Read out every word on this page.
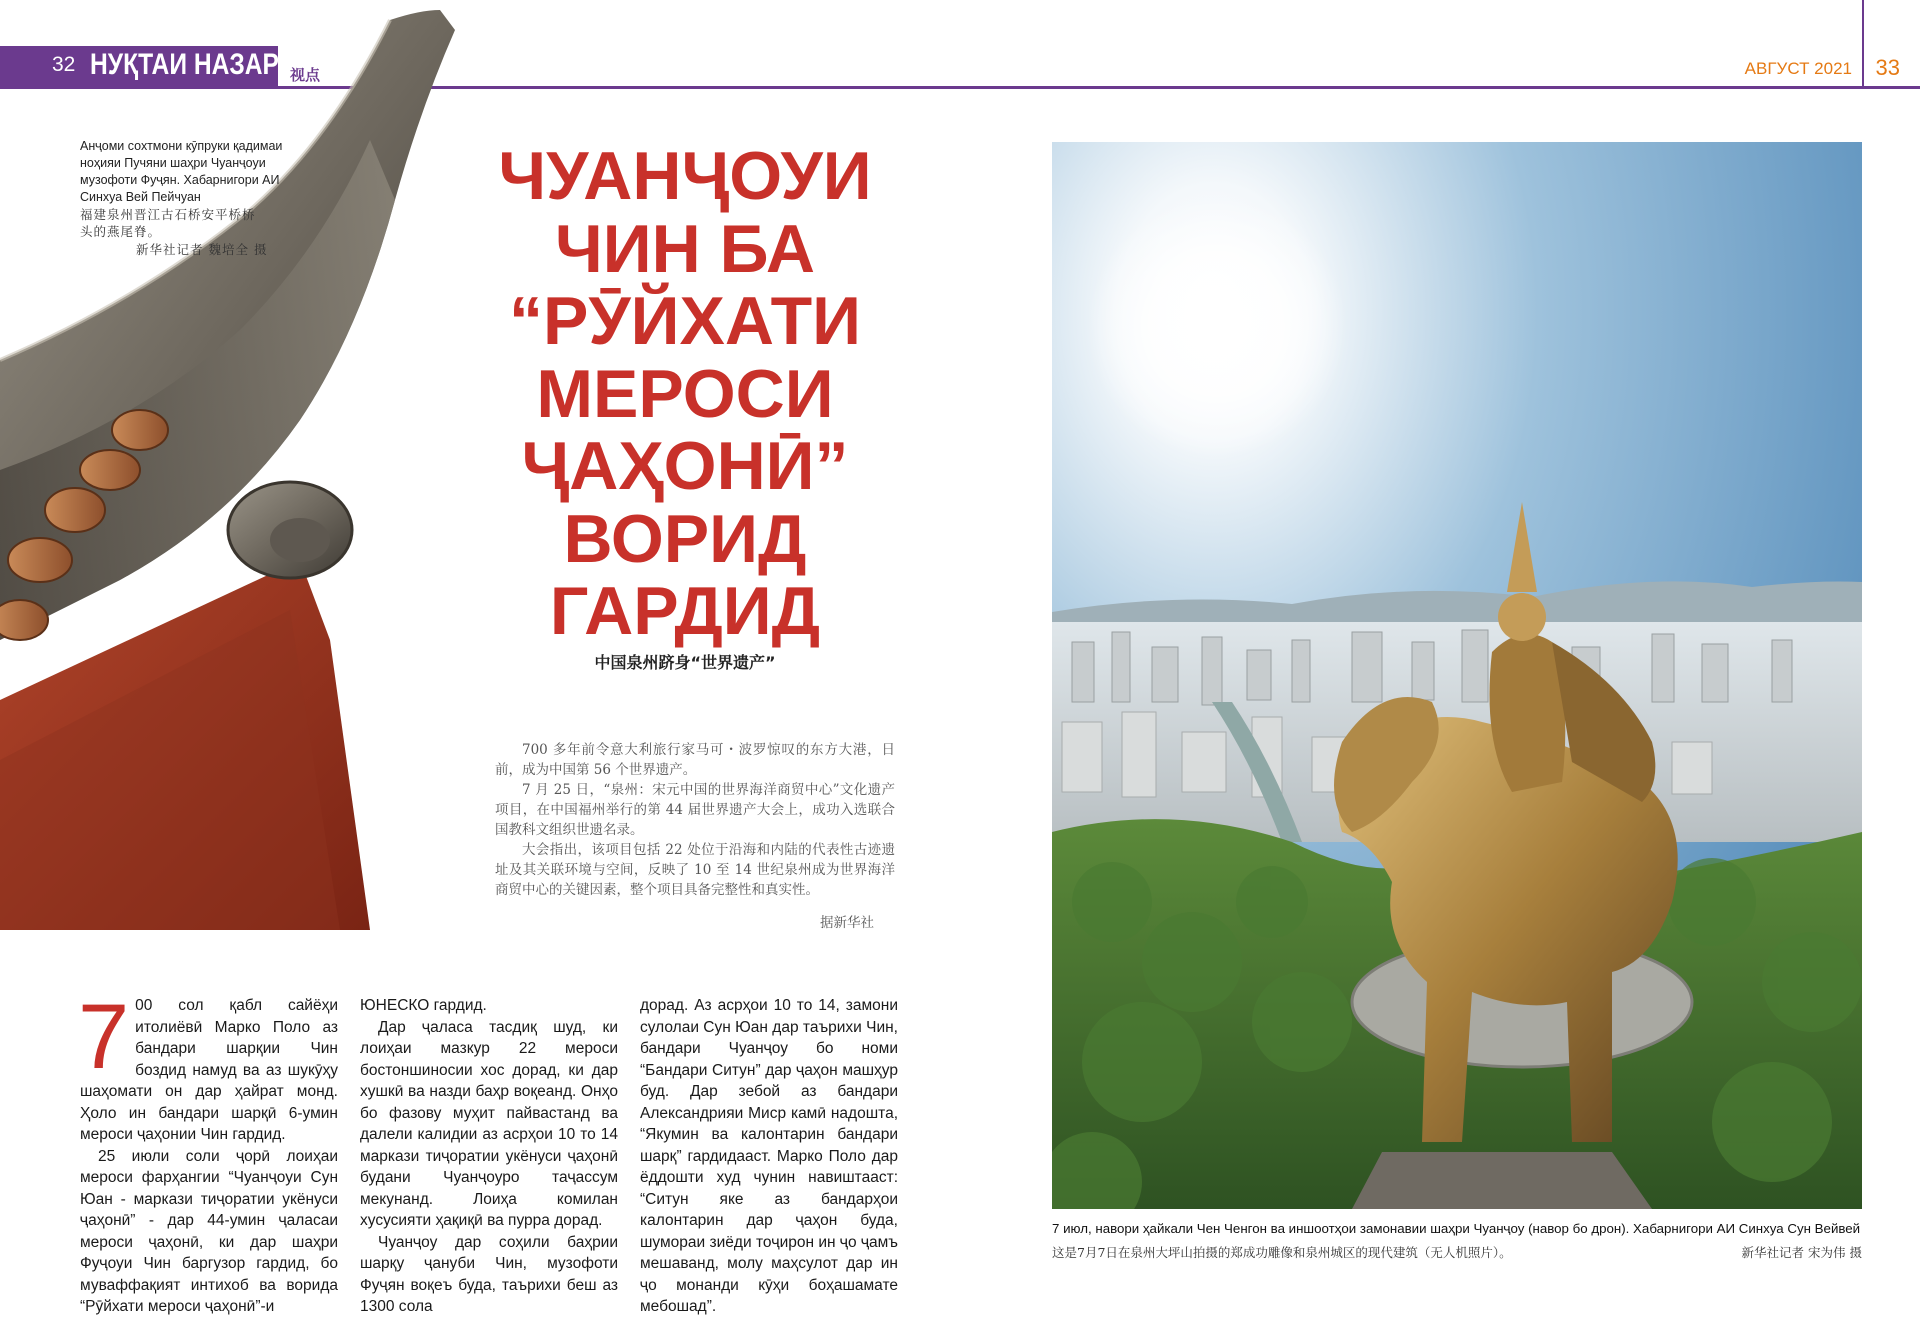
32 НУҚТАИ НАЗАР 视点	АВГУСТ 2021 33
Анҷоми сохтмони кӯпруки қадимаи
ноҳияи Пучяни шаҳри Чуанҷоуи
музофоти Фуҷян. Хабарнигори АИ
Синхуа Вей Пейчуан
福建泉州晋江古石桥安平桥桥
头的燕尾脊。
新华社记者 魏培全 摄
ЧУАНҶОУИ
ЧИН БА
“РӮЙХАТИ
МЕРОСИ
ҶАҲОНӢ”
ВОРИД
ГАРДИД
中国泉州跻身“世界遗产”

700 多年前令意大利旅行家马可・波罗惊叹的东方大港，日前，成为中国第 56 个世界遗产。

7 月 25 日，“泉州：宋元中国的世界海洋商贸中心”文化遗产项目，在中国福州举行的第 44 届世界遗产大会上，成功入选联合国教科文组织世遗名录。

大会指出，该项目包括 22 处位于沿海和内陆的代表性古迹遗址及其关联环境与空间，反映了 10 至 14 世纪泉州成为世界海洋商贸中心的关键因素，整个项目具备完整性和真实性。

据新华社

7 00 сол қабл сайёҳи итолиёвӣ Марко Поло аз бандари шарқии Чин боздид намуд ва аз шукӯҳу шаҳомати он дар ҳайрат монд. Ҳоло ин бандари шарқӣ 6-умин мероси ҷаҳонии Чин гардид.

25 июли соли ҷорӣ лоиҳаи мероси фарҳангии “Чуанҷоуи Сун Юан - маркази тиҷоратии укёнуси ҷаҳонӣ” - дар 44-умин ҷаласаи мероси ҷаҳонӣ, ки дар шаҳри Фуҷоуи Чин баргузор гардид, бо муваффақият интихоб ва ворида “Рӯйхати мероси ҷаҳонӣ”-и

ЮНЕСКО гардид.

Дар ҷаласа тасдиқ шуд, ки лоиҳаи мазкур 22 мероси бостоншиносии хос дорад, ки дар хушкӣ ва назди баҳр воқеанд. Онҳо бо фазову муҳит пайвастанд ва далели калидии аз асрҳои 10 то 14 маркази тиҷоратии укёнуси ҷаҳонӣ будани Чуанҷоуро таҷассум мекунанд. Лоиҳа комилан хусусияти ҳақиқӣ ва пурра дорад.

Чуанҷоу дар соҳили баҳрии шарқу ҷануби Чин, музофоти Фуҷян воқеъ буда, таърихи беш аз 1300 сола

дорад. Аз асрҳои 10 то 14, замони сулолаи Сун Юан дар таърихи Чин, бандари Чуанҷоу бо номи “Бандари Ситун” дар ҷаҳон машҳур буд. Дар зебой аз бандари Александрияи Миср камӣ надошта, “Якумин ва калонтарин бандари шарқ” гардидааст. Марко Поло дар ёддошти худ чунин навиштааст: “Ситун яке аз бандарҳои калонтарин дар ҷаҳон буда, шумораи зиёди тоҷирон ин ҷо ҷамъ мешаванд, молу маҳсулот дар ин ҷо монанди кӯҳи боҳашамате мебошад”.

7 июл, навори ҳайкали Чен Ченгон ва иншоотҳои замонавии шаҳри Чуанҷоу (навор бо дрон). Хабарнигори АИ Синхуа Сун Вейвей
这是7月7日在泉州大坪山拍摄的郑成功雕像和泉州城区的现代建筑（无人机照片）。	新华社记者 宋为伟 摄
